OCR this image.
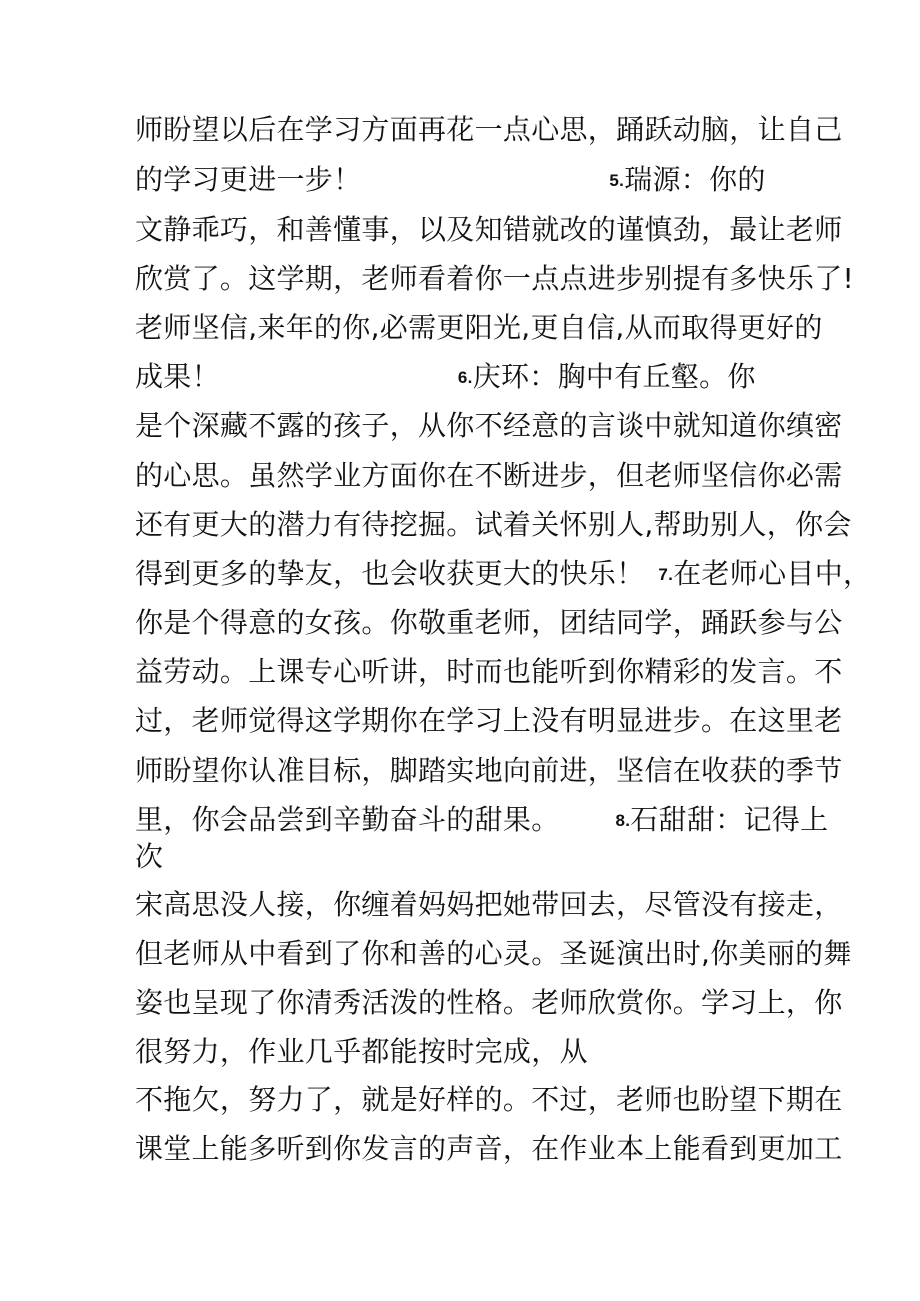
师盼望以后在学习方面再花一点心思，踊跃动脑，让自己
的学习更进一步！	5.瑞源：你的
文静乖巧，和善懂事，以及知错就改的谨慎劲，最让老师
欣赏了。这学期，老师看着你一点点进步别提有多快乐了!
老师坚信,来年的你,必需更阳光,更自信,从而取得更好的
成果！	6.庆环：胸中有丘壑。你
是个深藏不露的孩子，从你不经意的言谈中就知道你缜密
的心思。虽然学业方面你在不断进步，但老师坚信你必需
还有更大的潜力有待挖掘。试着关怀别人,帮助别人，你会
得到更多的挚友，也会收获更大的快乐！ 7.在老师心目中，
你是个得意的女孩。你敬重老师，团结同学，踊跃参与公
益劳动。上课专心听讲，时而也能听到你精彩的发言。不
过，老师觉得这学期你在学习上没有明显进步。在这里老
师盼望你认准目标，脚踏实地向前进，坚信在收获的季节
里，你会品尝到辛勤奋斗的甜果。	8.石甜甜：记得上
次
宋高思没人接，你缠着妈妈把她带回去，尽管没有接走，
但老师从中看到了你和善的心灵。圣诞演出时,你美丽的舞
姿也呈现了你清秀活泼的性格。老师欣赏你。学习上，你
很努力，作业几乎都能按时完成，从
不拖欠，努力了，就是好样的。不过，老师也盼望下期在
课堂上能多听到你发言的声音，在作业本上能看到更加工
